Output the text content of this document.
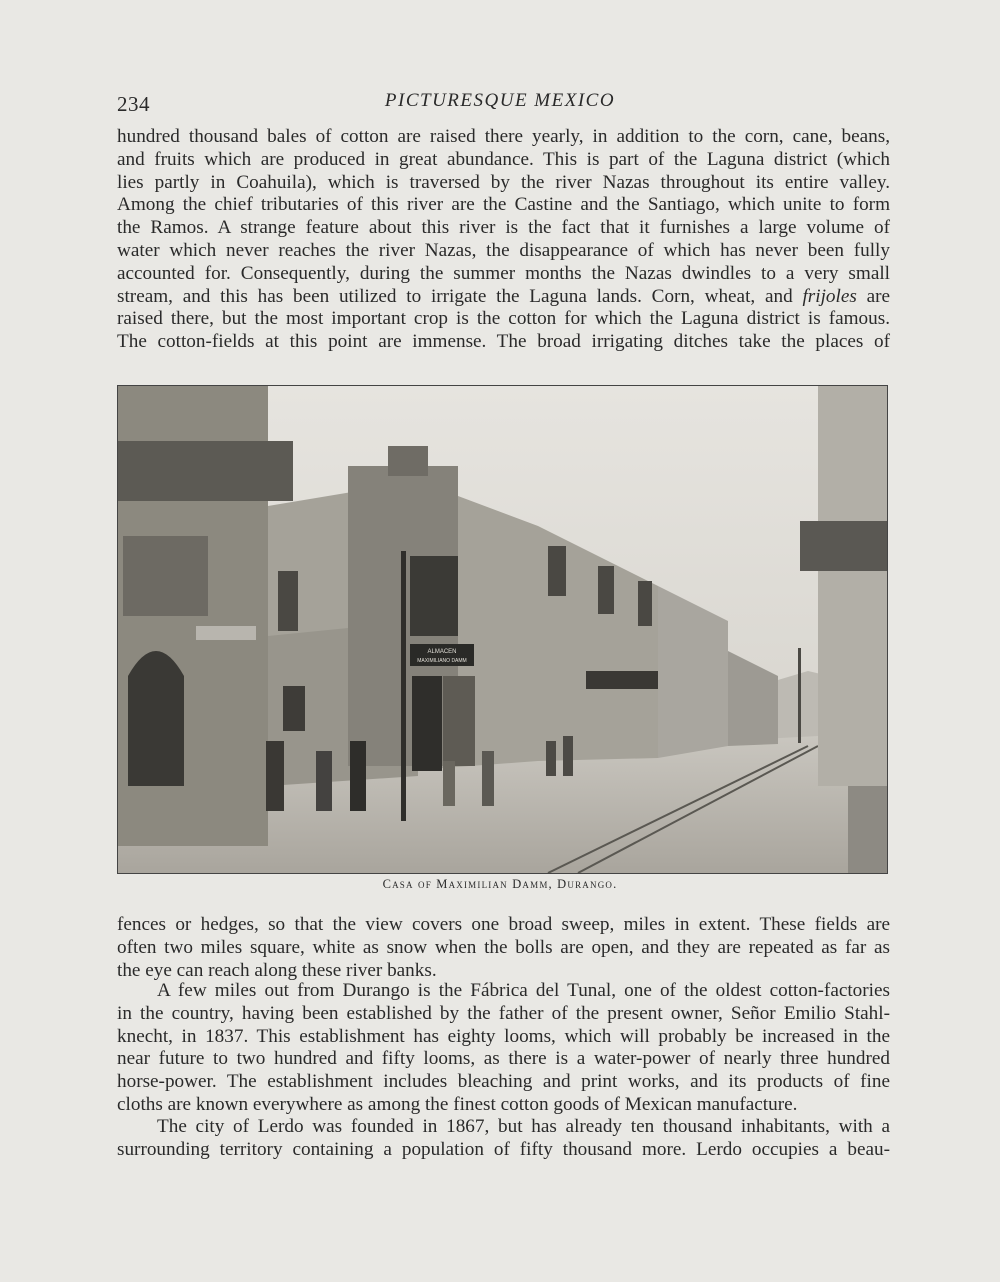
234	PICTURESQUE MEXICO
hundred thousand bales of cotton are raised there yearly, in addition to the corn, cane, beans,
and fruits which are produced in great abundance. This is part of the Laguna district (which
lies partly in Coahuila), which is traversed by the river Nazas throughout its entire valley.
Among the chief tributaries of this river are the Castine and the Santiago, which unite to form
the Ramos. A strange feature about this river is the fact that it furnishes a large volume of
water which never reaches the river Nazas, the disappearance of which has never been fully
accounted for. Consequently, during the summer months the Nazas dwindles to a very small
stream, and this has been utilized to irrigate the Laguna lands. Corn, wheat, and frijoles are
raised there, but the most important crop is the cotton for which the Laguna district is famous.
The cotton-fields at this point are immense. The broad irrigating ditches take the places of
ALMACEN
MAXIMILIANO DAMM
Casa of Maximilian Damm, Durango.
fences or hedges, so that the view covers one broad sweep, miles in extent. These fields are
often two miles square, white as snow when the bolls are open, and they are repeated as far as
the eye can reach along these river banks.
A few miles out from Durango is the Fábrica del Tunal, one of the oldest cotton-factories
in the country, having been established by the father of the present owner, Señor Emilio Stahl-
knecht, in 1837. This establishment has eighty looms, which will probably be increased in the
near future to two hundred and fifty looms, as there is a water-power of nearly three hundred
horse-power. The establishment includes bleaching and print works, and its products of fine
cloths are known everywhere as among the finest cotton goods of Mexican manufacture.
The city of Lerdo was founded in 1867, but has already ten thousand inhabitants, with a
surrounding territory containing a population of fifty thousand more. Lerdo occupies a beau-
